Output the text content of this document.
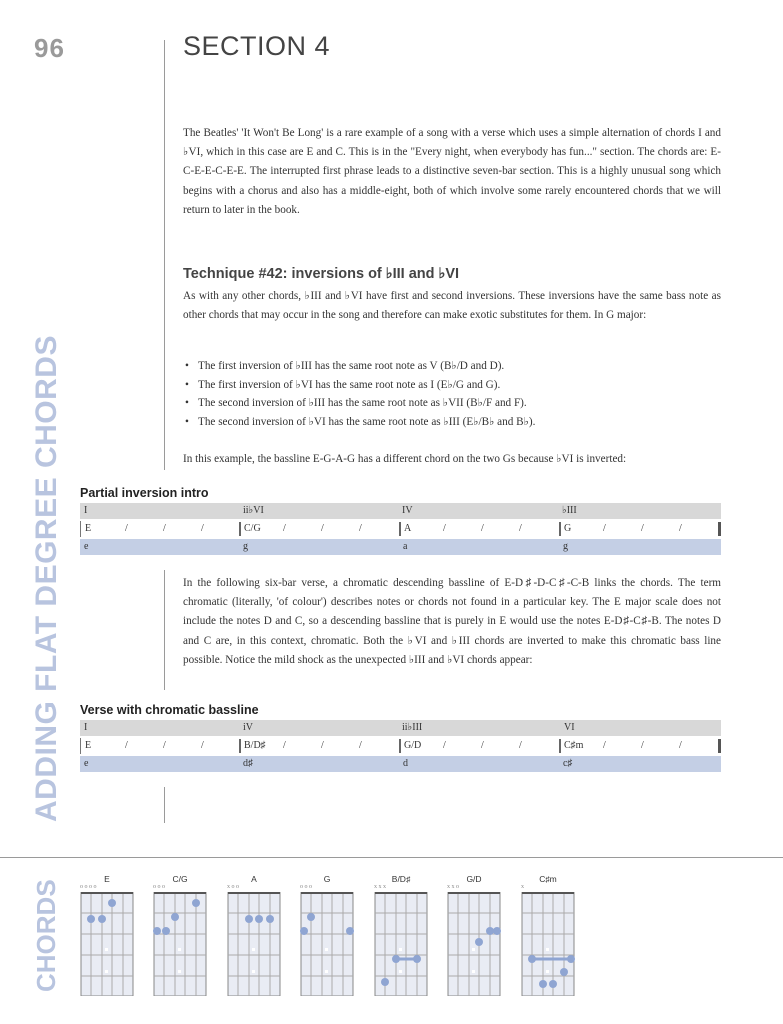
96	SECTION 4

The Beatles' 'It Won't Be Long' is a rare example of a song with a verse which uses a simple alternation of chords I and ♭VI, which in this case are E and C. This is in the "Every night, when everybody has fun..." section. The chords are: E-C-E-E-C-E-E. The interrupted first phrase leads to a distinctive seven-bar section. This is a highly unusual song which begins with a chorus and also has a middle-eight, both of which involve some rarely encountered chords that we will return to later in the book.

Technique #42: inversions of ♭III and ♭VI

As with any other chords, ♭III and ♭VI have first and second inversions. These inversions have the same bass note as other chords that may occur in the song and therefore can make exotic substitutes for them. In G major:

• The first inversion of ♭III has the same root note as V (B♭/D and D).
• The first inversion of ♭VI has the same root note as I (E♭/G and G).
• The second inversion of ♭III has the same root note as ♭VII (B♭/F and F).
• The second inversion of ♭VI has the same root note as ♭III (E♭/B♭ and B♭).

In this example, the bassline E-G-A-G has a different chord on the two Gs because ♭VI is inverted:

ADDING FLAT DEGREE CHORDS Partial inversion intro
I	ii♭VI	IV	♭III
E	/	/	/	C/G /	/	/	A	/	/	/	G	/	/	/
e	g	a	g

In the following six-bar verse, a chromatic descending bassline of E-D♯-D-C♯-C-B links the chords. The term chromatic (literally, 'of colour') describes notes or chords not found in a particular key. The E major scale does not include the notes D and C, so a descending bassline that is purely in E would use the notes E-D♯-C♯-B. The notes D and C are, in this context, chromatic. Both the ♭VI and ♭III chords are inverted to make this chromatic bass line possible. Notice the mild shock as the unexpected ♭III and ♭VI chords appear:

Verse with chromatic bassline
I	iV	ii♭III	VI
E	/	/	/	B/D♯ /	/	/	G/D /	/	/	C♯m /	/	/
e	d♯	d	c♯
CHORDS
E
o o o o
C/G
o o o
A
x o o
G
o o o
B/D♯
x x x
G/D
x x o
C♯m
x
